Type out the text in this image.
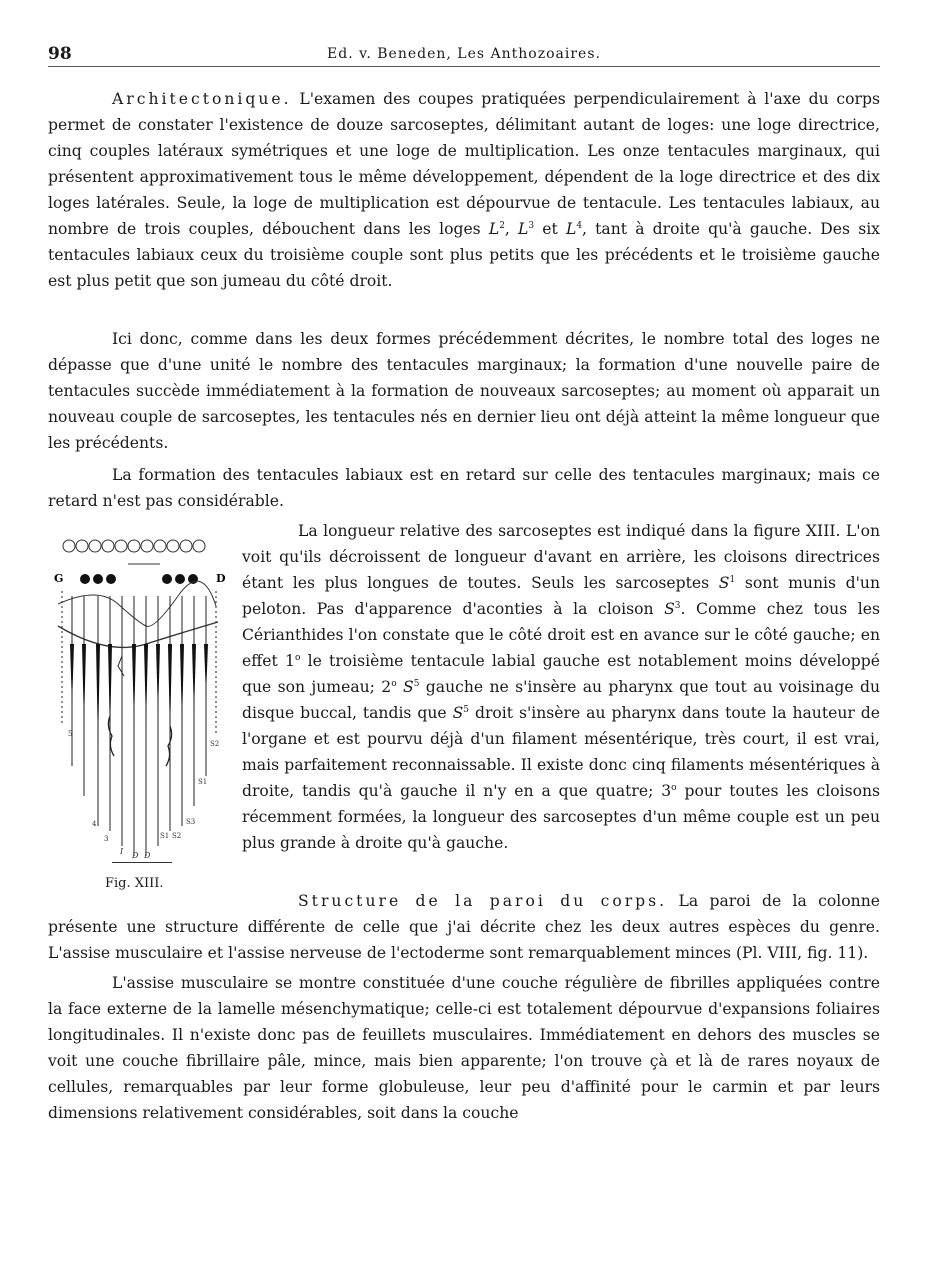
98	Ed. v. Beneden, Les Anthozoaires.

Architectonique. L'examen des coupes pratiquées perpendiculairement à l'axe du corps permet de constater l'existence de douze sarcoseptes, délimitant autant de loges: une loge directrice, cinq couples latéraux symétriques et une loge de multiplication. Les onze tentacules marginaux, qui présentent approximativement tous le même développement, dépendent de la loge directrice et des dix loges latérales. Seule, la loge de multiplication est dépourvue de tentacule. Les tentacules labiaux, au nombre de trois couples, débouchent dans les loges $L^2$, $L^3$ et $L^4$, tant à droite qu'à gauche. Des six tentacules labiaux ceux du troisième couple sont plus petits que les précédents et le troisième gauche est plus petit que son jumeau du côté droit.

Ici donc, comme dans les deux formes précédemment décrites, le nombre total des loges ne dépasse que d'une unité le nombre des tentacules marginaux; la formation d'une nouvelle paire de tentacules succède immédiatement à la formation de nouveaux sarcoseptes; au moment où apparait un nouveau couple de sarcoseptes, les tentacules nés en dernier lieu ont déjà atteint la même longueur que les précédents.

La formation des tentacules labiaux est en retard sur celle des tentacules marginaux; mais ce retard n'est pas considérable.

G	D
5
4
3	S1 S2
S3
S1
S2
I D D
Fig. XIII.

La longueur relative des sarcoseptes est indiqué dans la figure XIII. L'on voit qu'ils décroissent de longueur d'avant en arrière, les cloisons directrices étant les plus longues de toutes. Seuls les sarcoseptes $S^1$ sont munis d'un peloton. Pas d'apparence d'aconties à la cloison $S^3$. Comme chez tous les Cérianthides l'on constate que le côté droit est en avance sur le côté gauche; en effet 1$^o$ le troisième tentacule labial gauche est notablement moins développé que son jumeau; 2$^o$ $S^5$ gauche ne s'insère au pharynx que tout au voisinage du disque buccal, tandis que $S^5$ droit s'insère au pharynx dans toute la hauteur de l'organe et est pourvu déjà d'un filament mésentérique, très court, il est vrai, mais parfaitement reconnaissable. Il existe donc cinq filaments mésentériques à droite, tandis qu'à gauche il n'y en a que quatre; 3$^o$ pour toutes les cloisons récemment formées, la longueur des sarcoseptes d'un même couple est un peu plus grande à droite qu'à gauche.

Structure de la paroi du corps. La paroi de la colonne présente une structure différente de celle que j'ai décrite chez les deux autres espèces du genre. L'assise musculaire et l'assise nerveuse de l'ectoderme sont remarquablement minces (Pl. VIII, fig. 11).

L'assise musculaire se montre constituée d'une couche régulière de fibrilles appliquées contre la face externe de la lamelle mésenchymatique; celle-ci est totalement dépourvue d'expansions foliaires longitudinales. Il n'existe donc pas de feuillets musculaires. Immédiatement en dehors des muscles se voit une couche fibrillaire pâle, mince, mais bien apparente; l'on trouve çà et là de rares noyaux de cellules, remarquables par leur forme globuleuse, leur peu d'affinité pour le carmin et par leurs dimensions relativement considérables, soit dans la couche
